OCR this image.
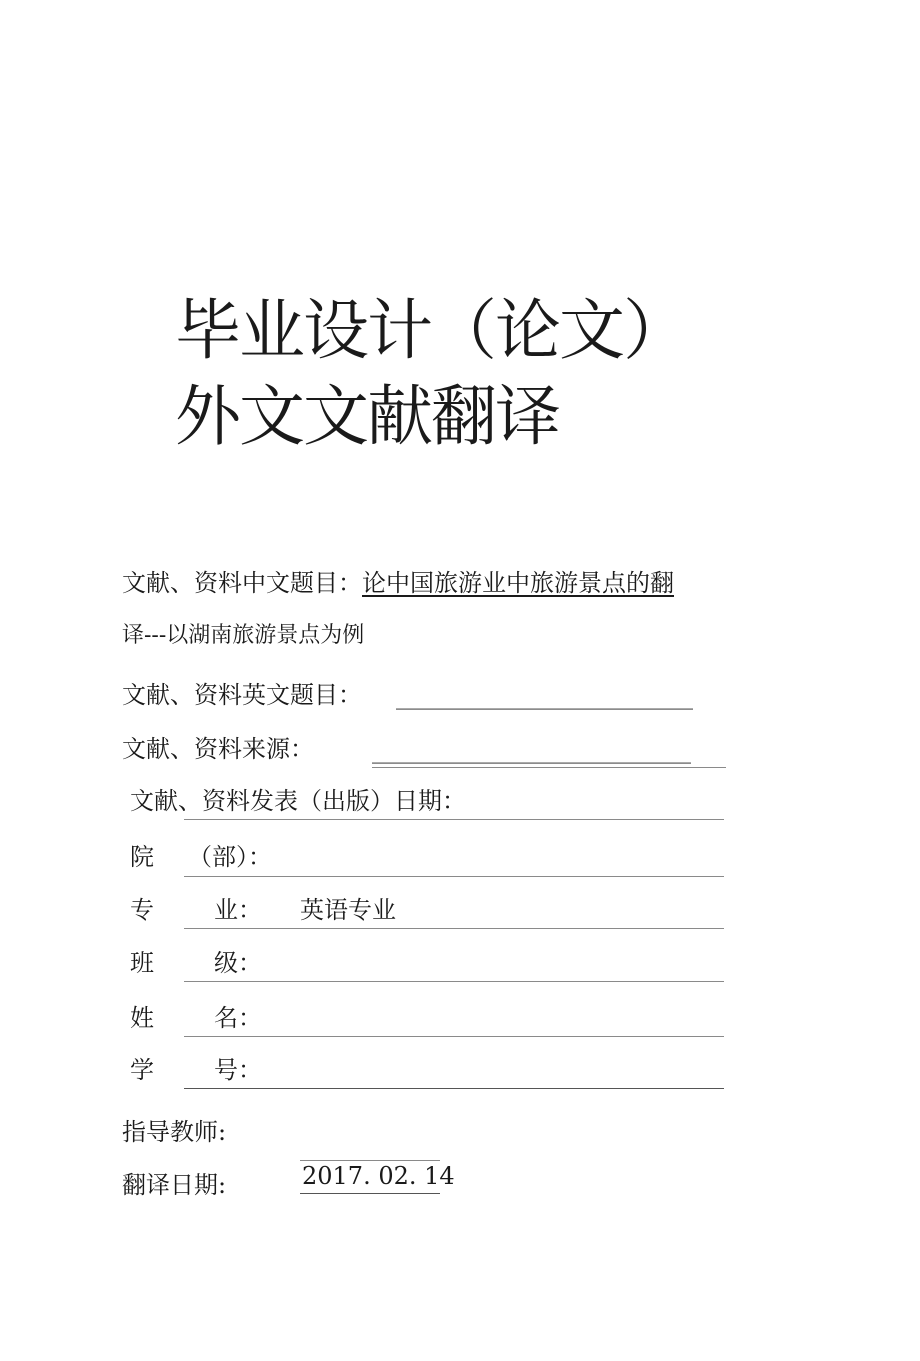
毕业设计（论文）
外文文献翻译
文献、资料中文题目：论中国旅游业中旅游景点的翻
译---以湖南旅游景点为例
文献、资料英文题目： ___________________________
文献、资料来源：	_____________________________
文献、资料发表（出版）日期：
院 （部）：
专	业： 英语专业
班	级：
姓	名：
学	号：
指导教师:
翻译日期:	2017. 02. 14
